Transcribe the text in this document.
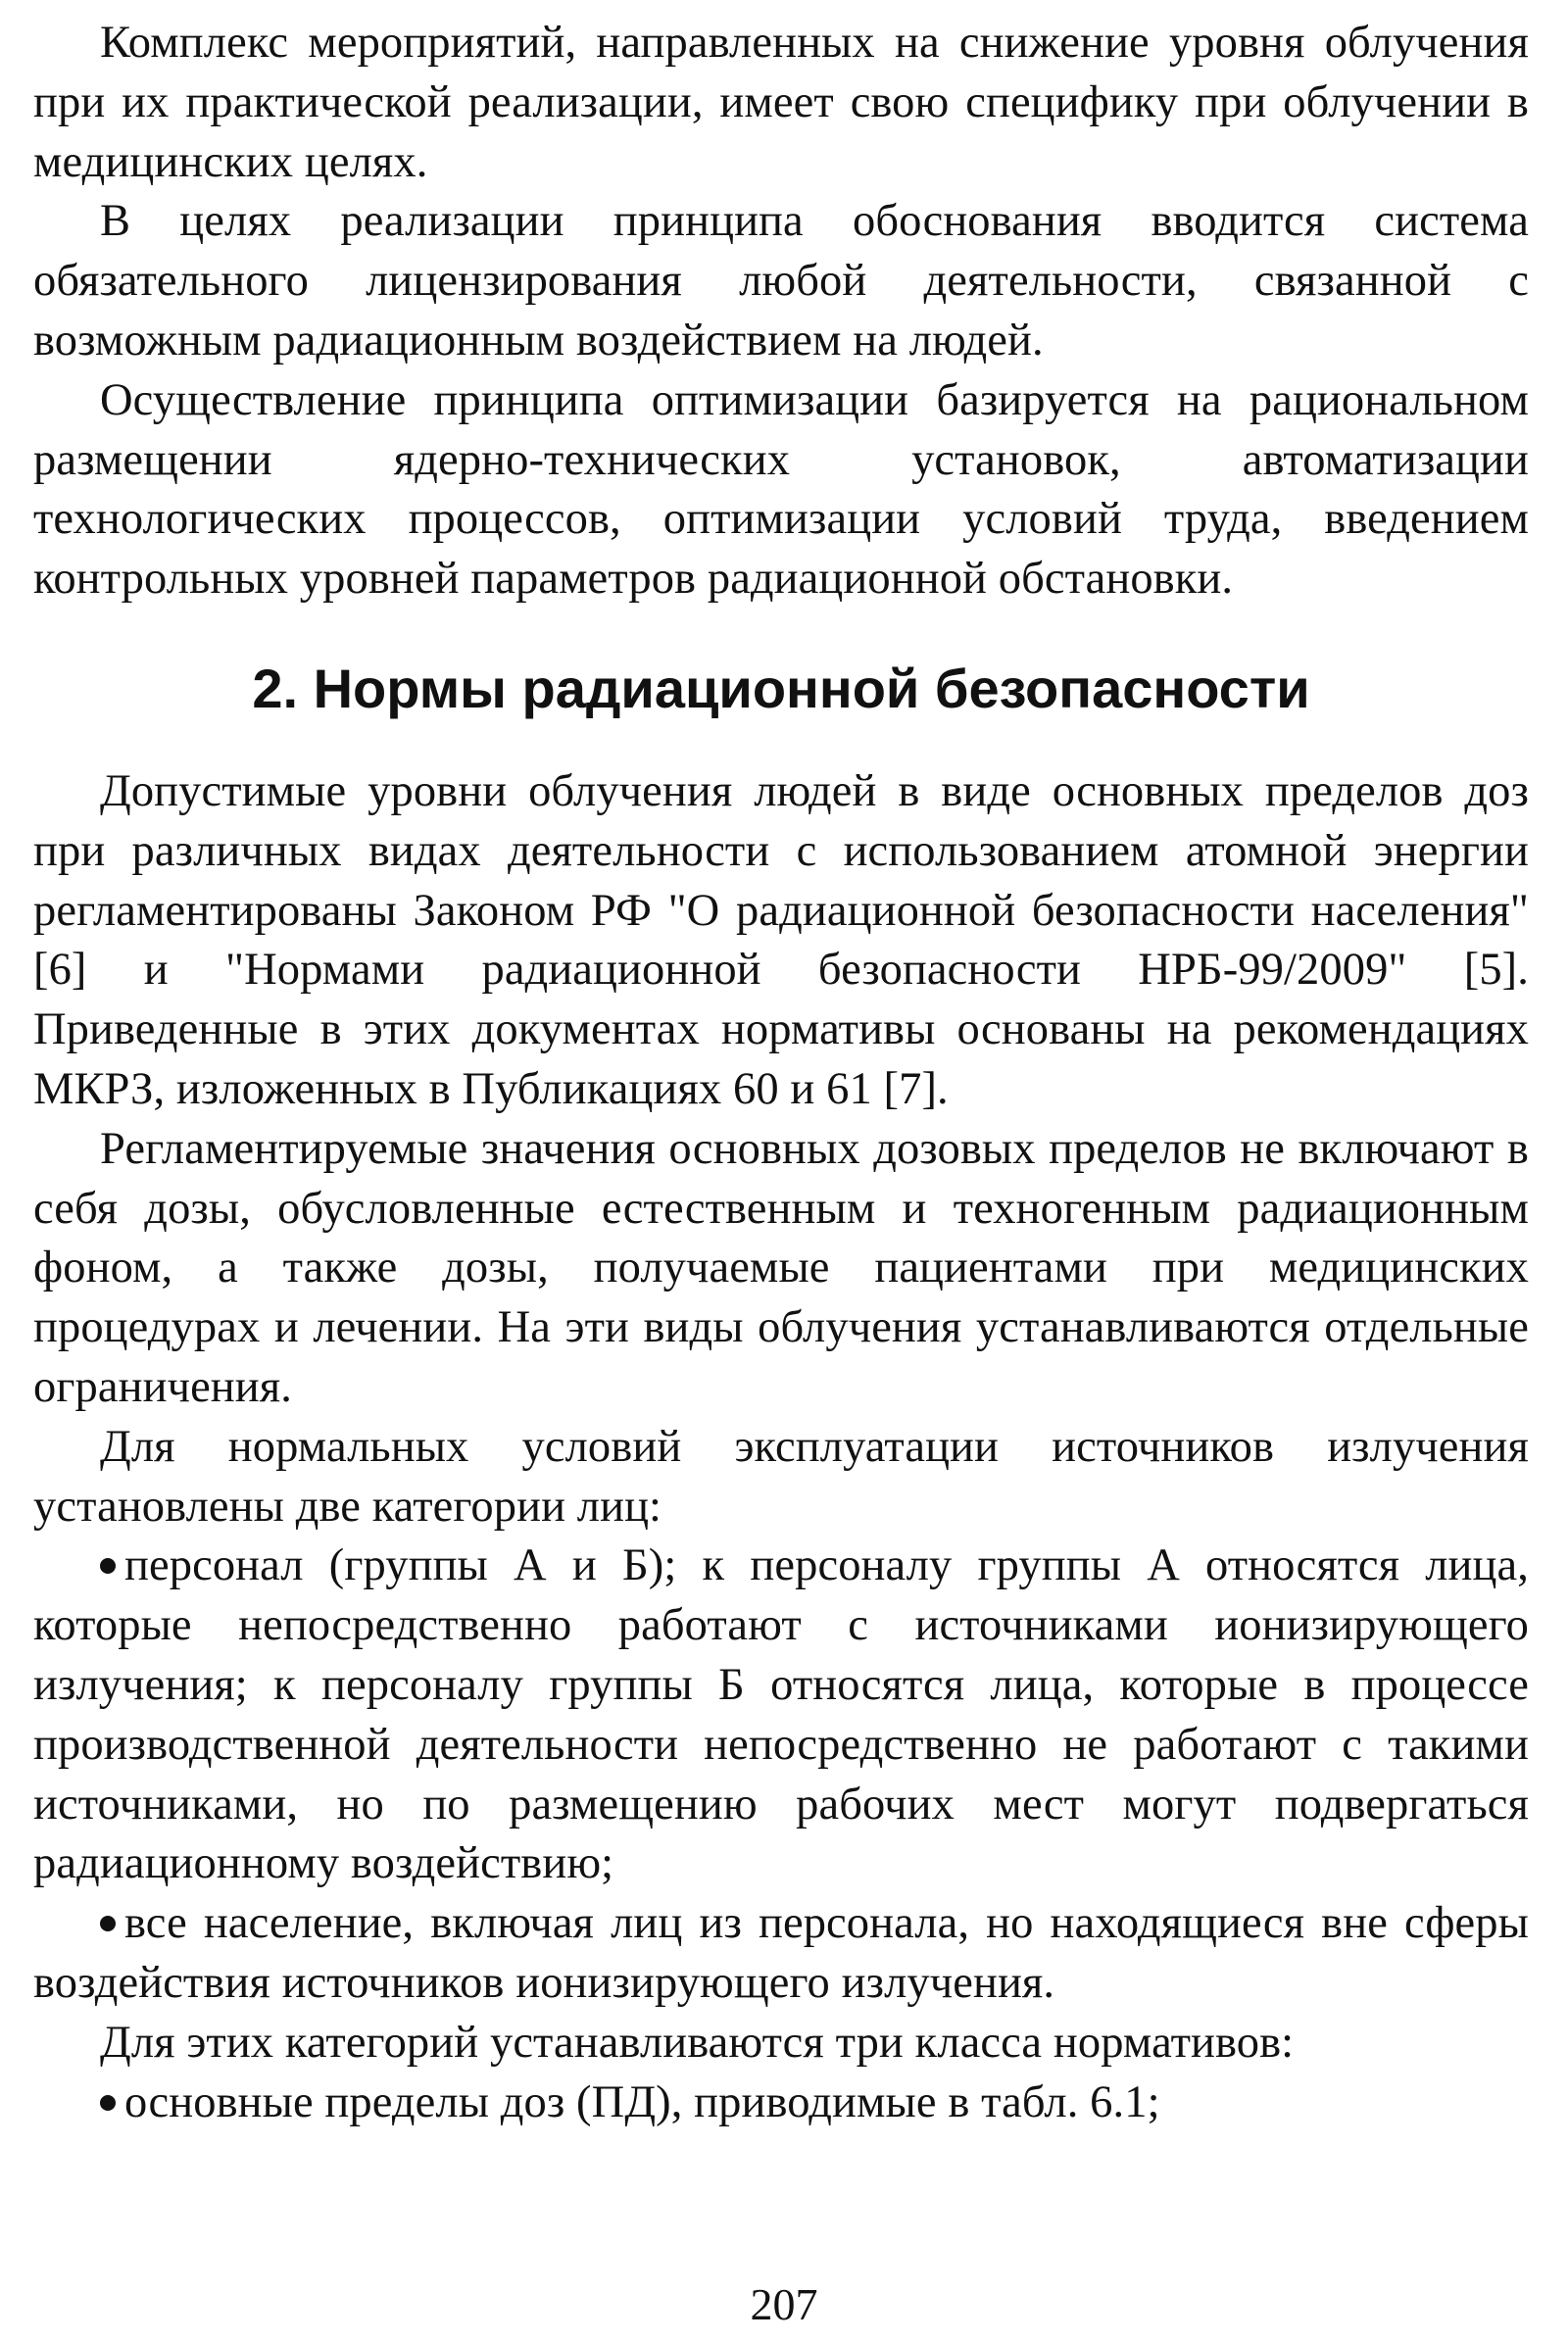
Комплекс мероприятий, направленных на снижение уровня облучения при их практической реализации, имеет свою специфику при облучении в медицинских целях.

В целях реализации принципа обоснования вводится система обязательного лицензирования любой деятельности, связанной с возможным радиационным воздействием на людей.

Осуществление принципа оптимизации базируется на рациональном размещении ядерно-технических установок, автоматизации технологических процессов, оптимизации условий труда, введением контрольных уровней параметров радиационной обстановки.

2. Нормы радиационной безопасности

Допустимые уровни облучения людей в виде основных пределов доз при различных видах деятельности с использованием атомной энергии регламентированы Законом РФ "О радиационной безопасности населения" [6] и "Нормами радиационной безопасности НРБ-99/2009" [5]. Приведенные в этих документах нормативы основаны на рекомендациях МКРЗ, изложенных в Публикациях 60 и 61 [7].

Регламентируемые значения основных дозовых пределов не включают в себя дозы, обусловленные естественным и техногенным радиационным фоном, а также дозы, получаемые пациентами при медицинских процедурах и лечении. На эти виды облучения устанавливаются отдельные ограничения.

Для нормальных условий эксплуатации источников излучения установлены две категории лиц:

персонал (группы А и Б); к персоналу группы А относятся лица, которые непосредственно работают с источниками ионизирующего излучения; к персоналу группы Б относятся лица, которые в процессе производственной деятельности непосредственно не работают с такими источниками, но по размещению рабочих мест могут подвергаться радиационному воздействию;

все население, включая лиц из персонала, но находящиеся вне сферы воздействия источников ионизирующего излучения.

Для этих категорий устанавливаются три класса нормативов:

основные пределы доз (ПД), приводимые в табл. 6.1;

207
